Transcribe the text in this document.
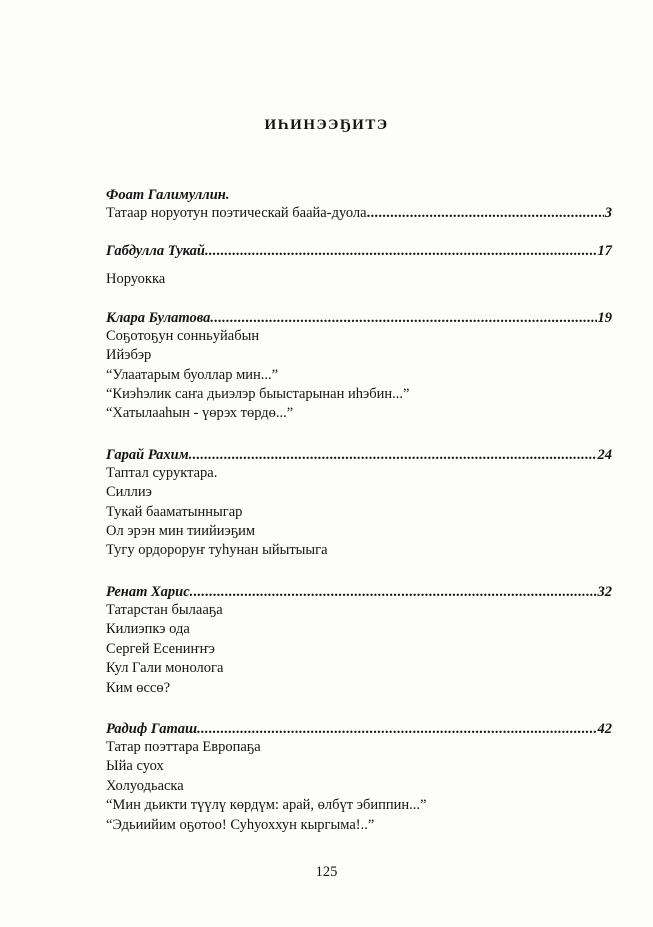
ИҺИНЭЭҔИТЭ
Фоат Галимуллин.
Татаар норуотун поэтическай баайа-дуола .....	3
Габдулла Тукай .....	17
Норуокка
Клара Булатова .....	19
Соҕотоҕун сонньуйабын
Ийэбэр
“Улаатарым буоллар мин...”
“Киэһэлик саҥа дьиэлэр быыстарынан иһэбин...”
“Хатылааһын - үөрэх төрдө...”
Гарай Рахим .....	24
Таптал суруктара.
Силлиэ
Тукай бааматынныгар
Ол эрэн мин тиийиэҕим
Тугу ордороруҥ туһунан ыйытыыга
Ренат Харис .....	32
Татарстан былааҕа
Килиэпкэ ода
Сергей Есениҥҥэ
Кул Гали монолога
Ким өссө?
Радиф Гаташ .....	42
Татар поэттара Европаҕа
Ыйа суох
Холуодьаска
“Мин дьикти түүлү көрдүм: арай, өлбүт эбиппин...”
“Эдьиийим оҕотоо! Суһуоххун кыргыма!..”
125
